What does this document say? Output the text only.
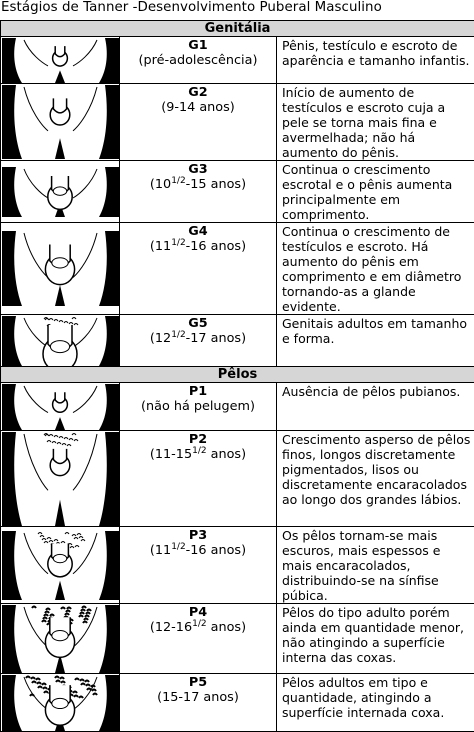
Estágios de Tanner -Desenvolvimento Puberal Masculino
Genitália		

G1
(pré-adolescência)	Pênis, testículo e escroto de aparência e tamanho infantis.

G2
(9-14 anos)	Início de aumento de testículos e escroto cuja a pele se torna mais fina e avermelhada; não há aumento do pênis.

G3
($10^{1/2}-15$ anos)	Continua o crescimento escrotal e o pênis aumenta principalmente em comprimento.

G4
($11^{1/2}-16$ anos)	Continua o crescimento de testículos e escroto. Há aumento do pênis em comprimento e em diâmetro tornando-as a glande evidente.

G5
($12^{1/2}-17$ anos)	Genitais adultos em tamanho e forma.
Pêlos		

P1
(não há pelugem)	Ausência de pêlos pubianos.

P2
($11-15^{1/2}$ anos)	Crescimento asperso de pêlos finos, longos discretamente pigmentados, lisos ou discretamente encaracolados ao longo dos grandes lábios.

P3
($11^{1/2}-16$ anos)	Os pêlos tornam-se mais escuros, mais espessos e mais encaracolados, distribuindo-se na sínfise púbica.

P4
($12-16^{1/2}$ anos)	Pêlos do tipo adulto porém ainda em quantidade menor, não atingindo a superfície interna das coxas.

P5
(15-17 anos)	Pêlos adultos em tipo e quantidade, atingindo a superfície internada coxa.
